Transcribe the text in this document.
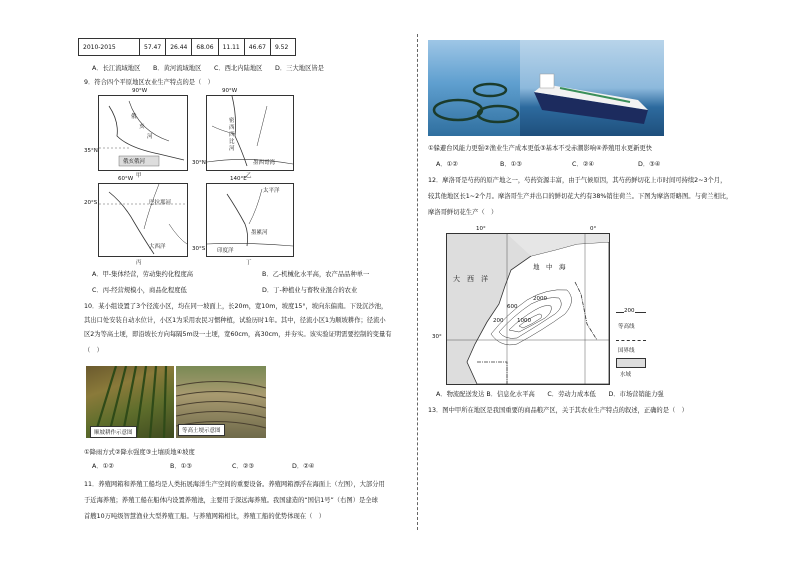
2010-2015	57.47	26.44	68.06	11.11	46.67	9.52
A．长江流域地区　　B．黄河流域地区　　C．西北内陆地区　　D．三大地区皆是
9．符合四个平原地区农业生产特点的是（　）
俄
亥
河
俄亥俄河
90°W
35°N
甲
密西西比河
墨西哥湾
90°W
30°N
乙
巴拉那河
大西洋
60°W
20°S
丙
太平洋
墨累河
印度洋
140°E
30°S
丁
A．甲-集体经营，劳动集约化程度高	B．乙-机械化水平高，农产品品种单一
C．丙-经营规模小，商品化程度低	D．丁-种植业与畜牧业混合的农业
10．某小组设置了3个径流小区，均在同一坡面上，长20m，宽10m，坡度15°，坡向东偏南。下设沉沙池，
其出口处安装自动水位计，小区1为采用农民习惯种植，试验历时1年。其中，径流小区1为顺坡耕作；径流小
区2为等高土埂，即沿坡长方向每隔5m设一土埂，宽60cm，高30cm，并夯实。该实验证明需要控制的变量有
（　）
顺坡耕作示意图	等高土埂示意图
①降雨方式②降水强度③土壤质地④坡度
A．①②	B．①③	C．②③	D．②④
11．养殖网箱和养殖工船均是人类拓展海洋生产空间的重要设备。养殖网箱漂浮在海面上（左图），大部分用
于近海养殖；养殖工船在船体内设置养殖池，主要用于深远海养殖。我国建造的“国信1号”（右图）是全球
首艘10万吨级智慧渔业大型养殖工船。与养殖网箱相比，养殖工船的优势体现在（　）
①躲避台风能力更强②渔业生产成本更低③基本不受赤潮影响④养殖用水更新更快
A．①②	B．①③	C．②④	D．③④
12．摩洛哥是芍药的原产地之一，芍药资源丰富，由于气候原因，其芍药鲜切花上市时间可持续2~3个月，
较其他地区长1~2个月。摩洛哥生产并出口的鲜切花大约有38%销往荷兰。下图为摩洛哥略图。与荷兰相比，
摩洛哥鲜切花生产（　）
大　西　洋
地　中　海
600
2000
200 1000
10°	0°
30°
200
等高线
国界线
水域
A．物流配送发达 B．信息化水平高　　C．劳动力成本低　　D．市场营销能力强
13．图中甲所在地区是我国重要的商品粮产区，关于其农业生产特点的叙述，正确的是（　）
